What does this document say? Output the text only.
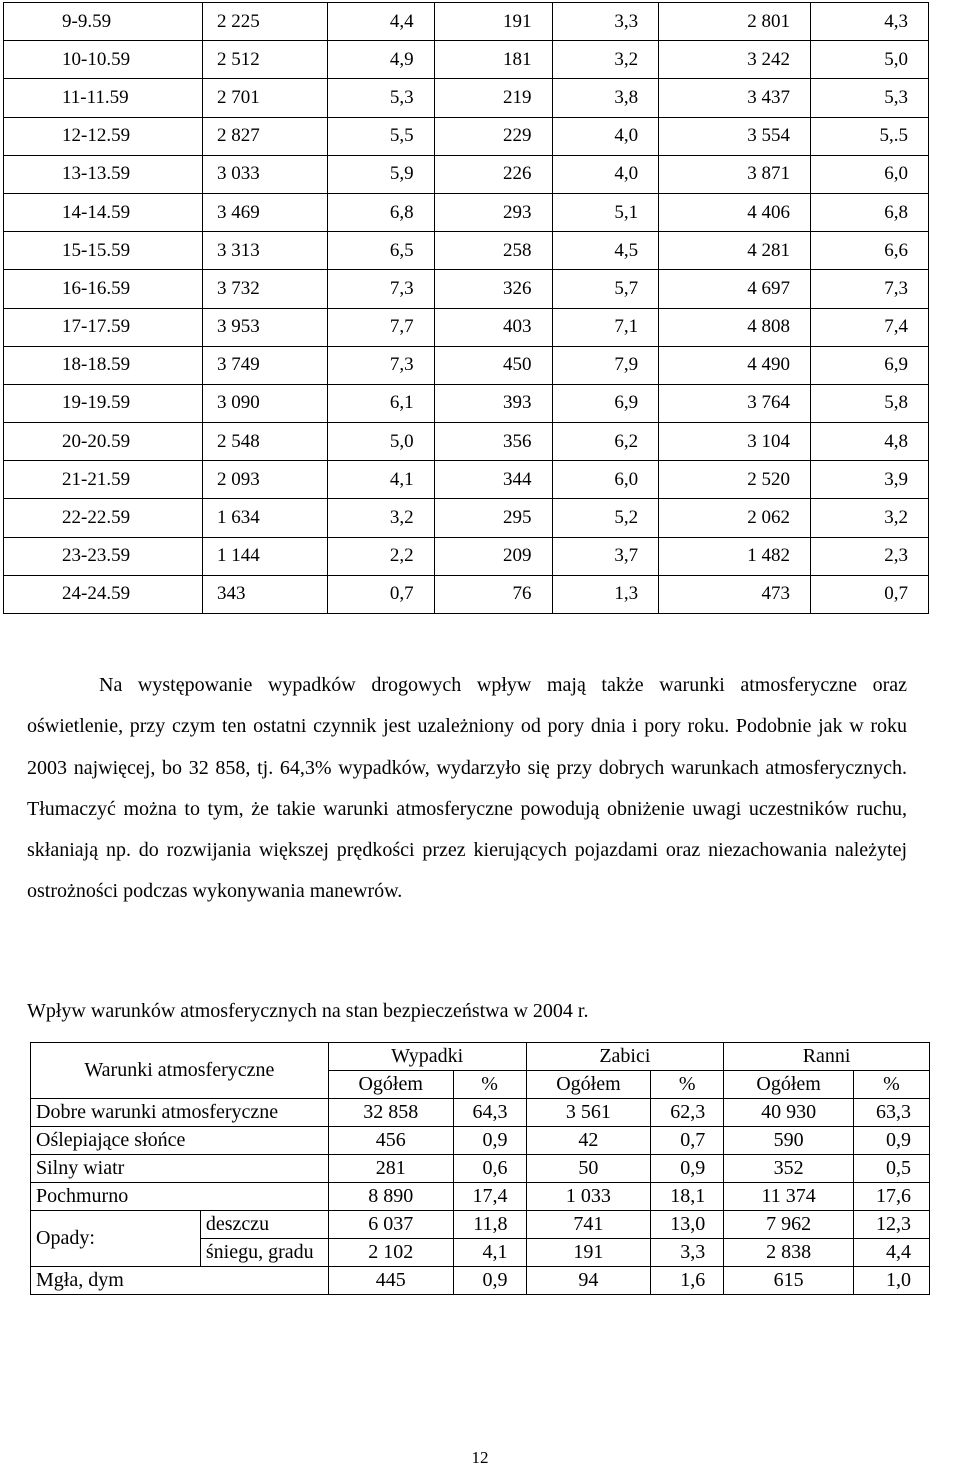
9-9.59	2 225	4,4	191	3,3	2 801	4,3
10-10.59	2 512	4,9	181	3,2	3 242	5,0
11-11.59	2 701	5,3	219	3,8	3 437	5,3
12-12.59	2 827	5,5	229	4,0	3 554	5,.5
13-13.59	3 033	5,9	226	4,0	3 871	6,0
14-14.59	3 469	6,8	293	5,1	4 406	6,8
15-15.59	3 313	6,5	258	4,5	4 281	6,6
16-16.59	3 732	7,3	326	5,7	4 697	7,3
17-17.59	3 953	7,7	403	7,1	4 808	7,4
18-18.59	3 749	7,3	450	7,9	4 490	6,9
19-19.59	3 090	6,1	393	6,9	3 764	5,8
20-20.59	2 548	5,0	356	6,2	3 104	4,8
21-21.59	2 093	4,1	344	6,0	2 520	3,9
22-22.59	1 634	3,2	295	5,2	2 062	3,2
23-23.59	1 144	2,2	209	3,7	1 482	2,3
24-24.59	343	0,7	76	1,3	473	0,7

Na występowanie wypadków drogowych wpływ mają także warunki atmosferyczne oraz oświetlenie, przy czym ten ostatni czynnik jest uzależniony od pory dnia i pory roku. Podobnie jak w roku 2003 najwięcej, bo 32 858, tj. 64,3% wypadków, wydarzyło się przy dobrych warunkach atmosferycznych. Tłumaczyć można to tym, że takie warunki atmosferyczne powodują obniżenie uwagi uczestników ruchu, skłaniają np. do rozwijania większej prędkości przez kierujących pojazdami oraz niezachowania należytej ostrożności podczas wykonywania manewrów.

Wpływ warunków atmosferycznych na stan bezpieczeństwa w 2004 r.

Warunki atmosferyczne		Wypadki		Zabici		Ranni	
		Ogółem	%	Ogółem	%	Ogółem	%
Dobre warunki atmosferyczne		32 858	64,3	3 561	62,3	40 930	63,3
Oślepiające słońce		456	0,9	42	0,7	590	0,9
Silny wiatr		281	0,6	50	0,9	352	0,5
Pochmurno		8 890	17,4	1 033	18,1	11 374	17,6
Opady:	deszczu	6 037	11,8	741	13,0	7 962	12,3
	śniegu, gradu	2 102	4,1	191	3,3	2 838	4,4
Mgła, dym		445	0,9	94	1,6	615	1,0
12
